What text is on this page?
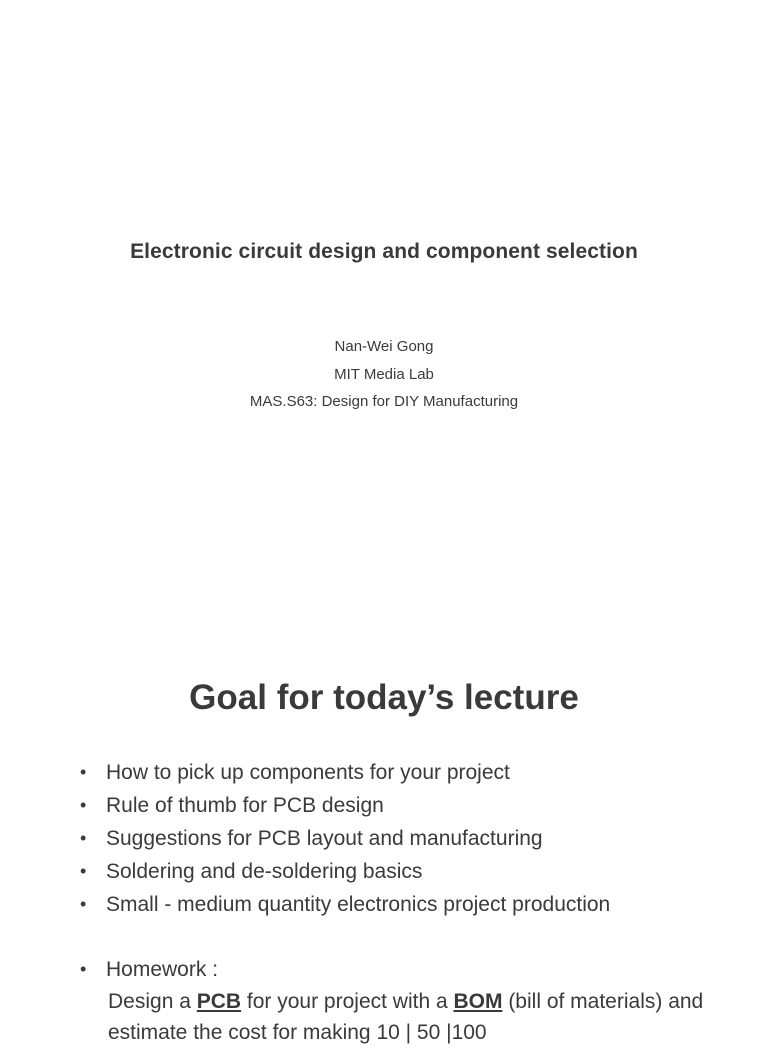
Electronic circuit design and component selection
Nan-Wei Gong
MIT Media Lab
MAS.S63: Design for DIY Manufacturing
Goal for today’s lecture
• How to pick up components for your project
• Rule of thumb for PCB design
• Suggestions for PCB layout and manufacturing
• Soldering and de-soldering basics
• Small - medium quantity electronics project production
• Homework :
Design a PCB for your project with a BOM (bill of materials) and estimate the cost for making 10 | 50 |100
